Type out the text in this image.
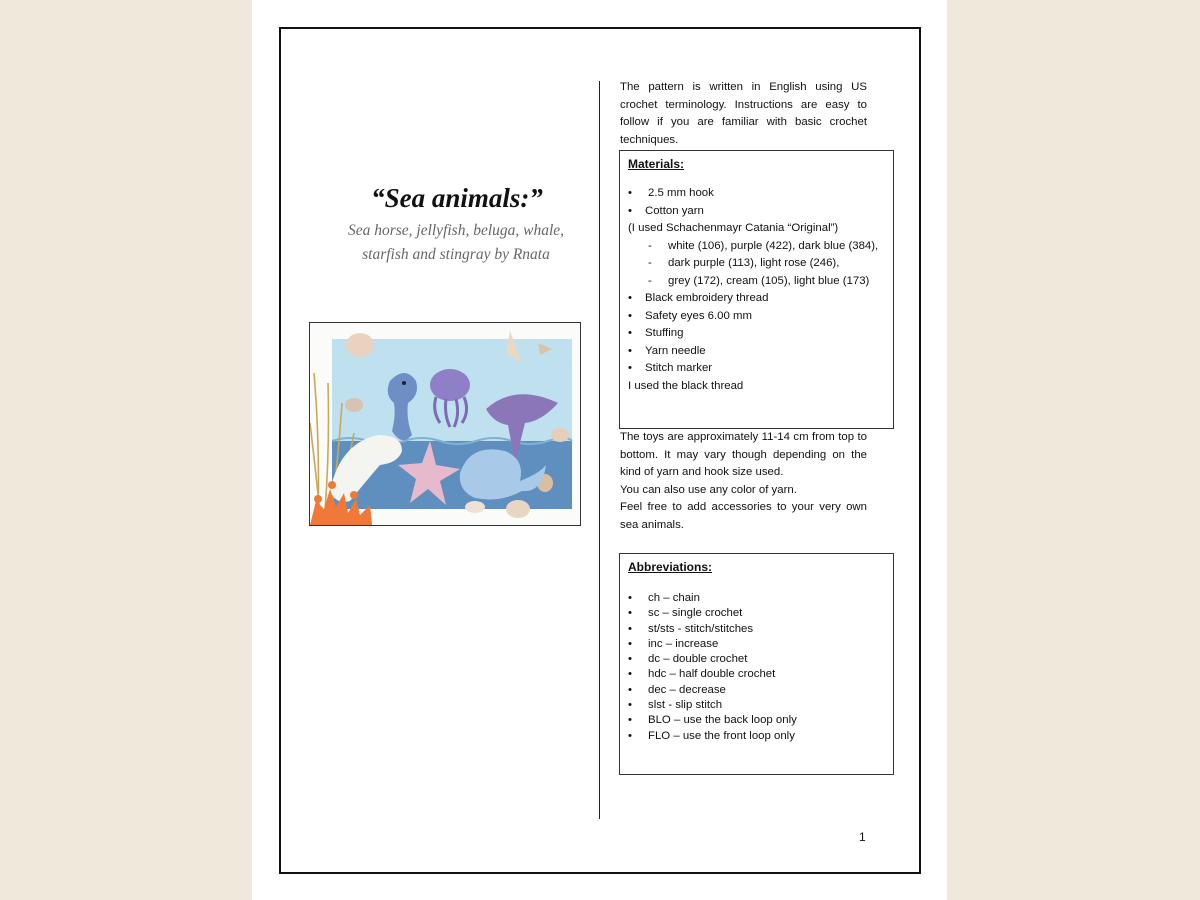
“Sea animals:”

Sea horse, jellyfish, beluga, whale, starfish and stingray by Rnata

The pattern is written in English using US crochet terminology. Instructions are easy to follow if you are familiar with basic crochet techniques.

Materials:
• 2.5 mm hook
• Cotton yarn
(I used Schachenmayr Catania “Original”)
- white (106), purple (422), dark blue (384),
- dark purple (113), light rose (246),
- grey (172), cream (105), light blue (173)
• Black embroidery thread
• Safety eyes 6.00 mm
• Stuffing
• Yarn needle
• Stitch marker
I used the black thread

The toys are approximately 11-14 cm from top to bottom. It may vary though depending on the kind of yarn and hook size used.

You can also use any color of yarn.

Feel free to add accessories to your very own sea animals.

Abbreviations:
• ch – chain
• sc – single crochet
• st/sts - stitch/stitches
• inc – increase
• dc – double crochet
• hdc – half double crochet
• dec – decrease
• slst - slip stitch
• BLO – use the back loop only
• FLO – use the front loop only
1
